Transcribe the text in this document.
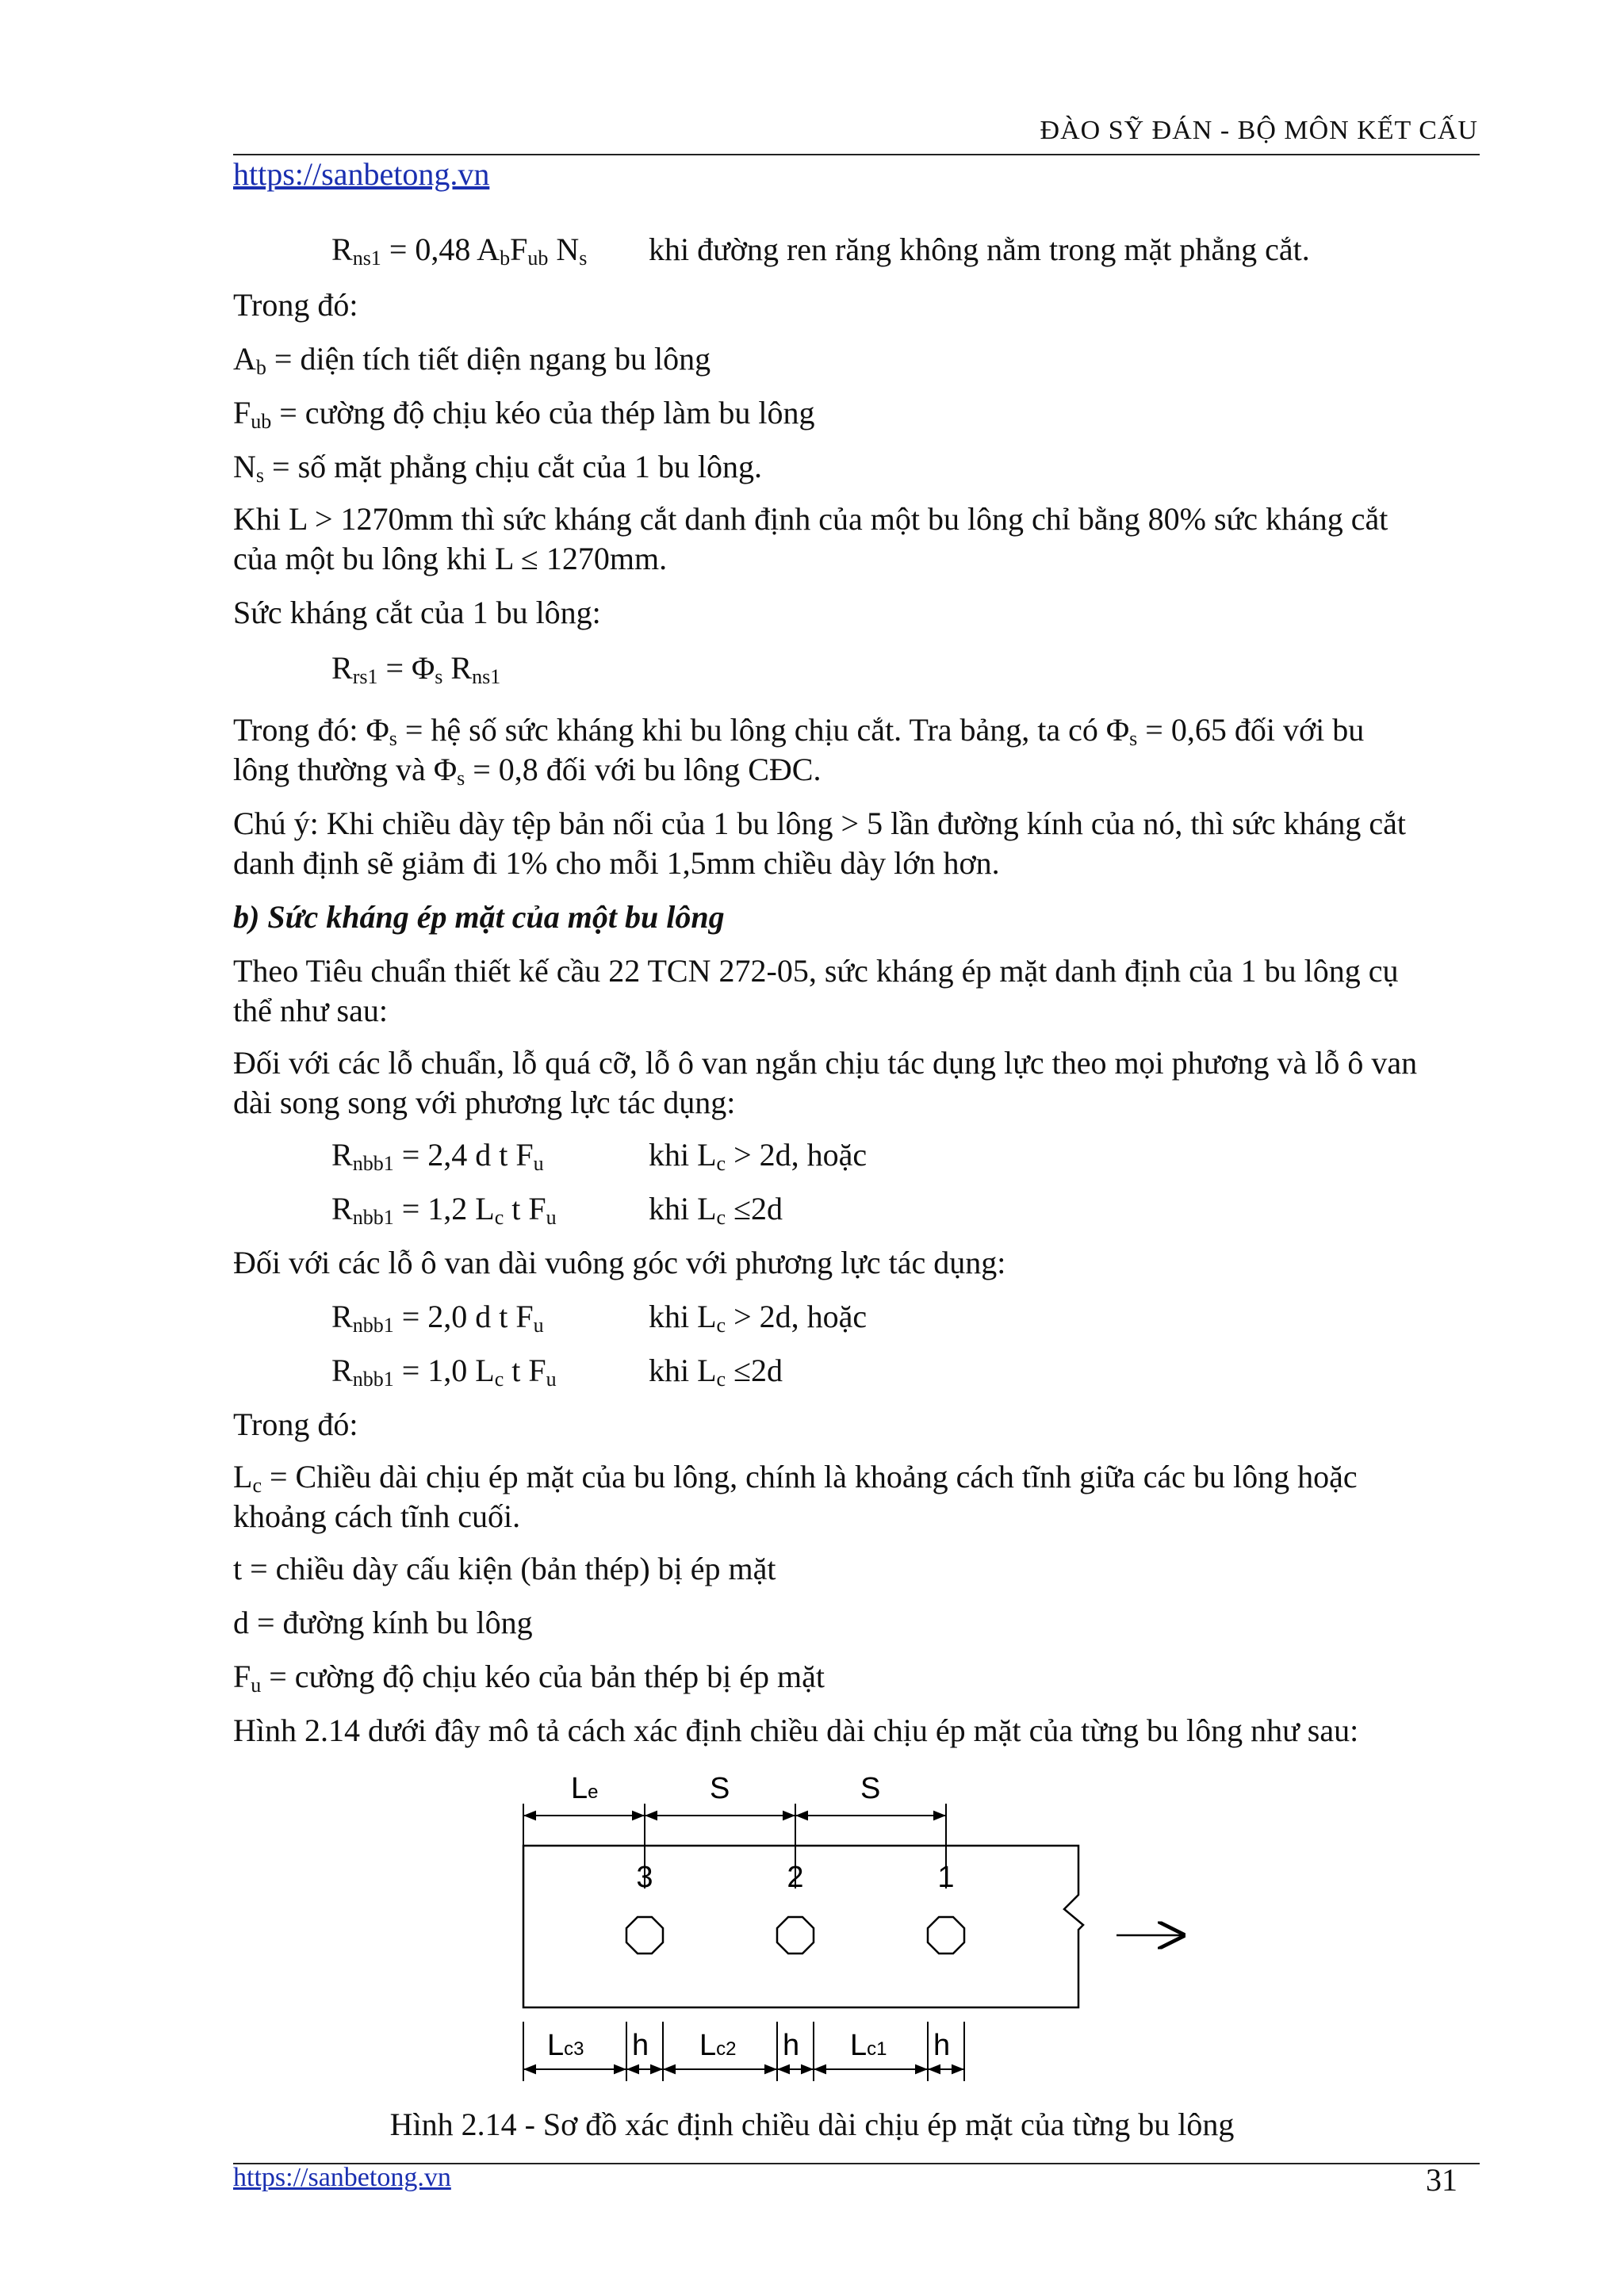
ĐÀO SỸ ĐÁN - BỘ MÔN KẾT CẤU
https://sanbetong.vn
$R_{ns1} = 0,48$ $A_bF_{ub}$ $N_s$ khi đường ren răng không nằm trong mặt phẳng cắt.
Trong đó:
$A_b$ = diện tích tiết diện ngang bu lông
$F_{ub}$ = cường độ chịu kéo của thép làm bu lông
$N_s$ = số mặt phẳng chịu cắt của 1 bu lông.
Khi L > 1270mm thì sức kháng cắt danh định của một bu lông chỉ bằng 80% sức kháng cắt
của một bu lông khi L ≤ 1270mm.
Sức kháng cắt của 1 bu lông:
$R_{rs1} = \Phi_s$ $R_{ns1}$
Trong đó: $\Phi_s$ = hệ số sức kháng khi bu lông chịu cắt. Tra bảng, ta có $\Phi_s = 0,65$ đối với bu
lông thường và $\Phi_s = 0,8$ đối với bu lông CĐC.
Chú ý: Khi chiều dày tệp bản nối của 1 bu lông > 5 lần đường kính của nó, thì sức kháng cắt
danh định sẽ giảm đi 1% cho mỗi 1,5mm chiều dày lớn hơn.
b) Sức kháng ép mặt của một bu lông
Theo Tiêu chuẩn thiết kế cầu 22 TCN 272-05, sức kháng ép mặt danh định của 1 bu lông cụ
thể như sau:
Đối với các lỗ chuẩn, lỗ quá cỡ, lỗ ô van ngắn chịu tác dụng lực theo mọi phương và lỗ ô van
dài song song với phương lực tác dụng:
$R_{nbb1} = 2,4$ d t $F_u$	khi $L_c > 2d$, hoặc
$R_{nbb1} = 1,2$ $L_c$ t $F_u$	khi $L_c \le 2d$
Đối với các lỗ ô van dài vuông góc với phương lực tác dụng:
$R_{nbb1} = 2,0$ d t $F_u$	khi $L_c > 2d$, hoặc
$R_{nbb1} = 1,0$ $L_c$ t $F_u$	khi $L_c \le 2d$
Trong đó:
$L_c$ = Chiều dài chịu ép mặt của bu lông, chính là khoảng cách tĩnh giữa các bu lông hoặc
khoảng cách tĩnh cuối.
t = chiều dày cấu kiện (bản thép) bị ép mặt
d = đường kính bu lông
$F_u$ = cường độ chịu kéo của bản thép bị ép mặt
Hình 2.14 dưới đây mô tả cách xác định chiều dài chịu ép mặt của từng bu lông như sau:
Le	S	S
3	2	1
Lc3 h Lc2 h Lc1 h
Hình 2.14 - Sơ đồ xác định chiều dài chịu ép mặt của từng bu lông
https://sanbetong.vn	31
